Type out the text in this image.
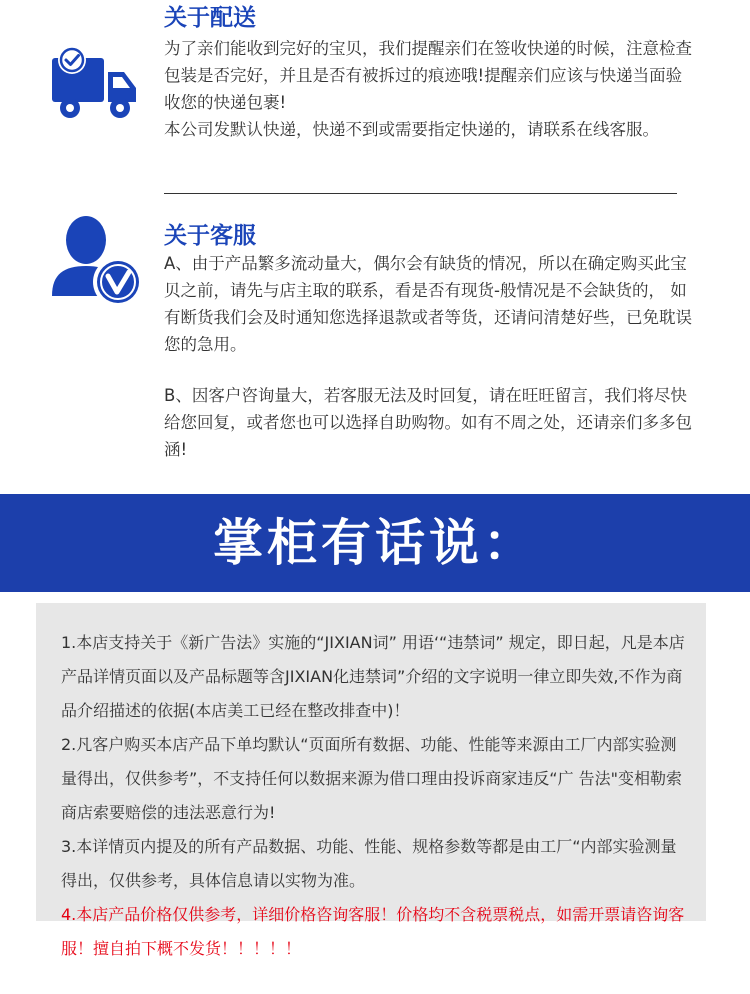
关于配送

为了亲们能收到完好的宝贝，我们提醒亲们在签收快递的时候，注意检查包装是否完好，并且是否有被拆过的痕迹哦!提醒亲们应该与快递当面验收您的快递包裹!

本公司发默认快递，快递不到或需要指定快递的，请联系在线客服。

关于客服

A、由于产品繁多流动量大，偶尔会有缺货的情况，所以在确定购买此宝贝之前，请先与店主取的联系，看是否有现货-般情况是不会缺货的， 如有断货我们会及时通知您选择退款或者等货，还请问清楚好些，已免耽误您的急用。

B、因客户咨询量大，若客服无法及时回复，请在旺旺留言，我们将尽快给您回复，或者您也可以选择自助购物。如有不周之处，还请亲们多多包涵!

掌柜有话说：

1.本店支持关于《新广告法》实施的“JIXIAN词” 用语‘“违禁词” 规定，即日起，凡是本店产品详情页面以及产品标题等含JIXIAN化违禁词”介绍的文字说明一律立即失效,不作为商品介绍描述的依据(本店美工已经在整改排查中)！

2.凡客户购买本店产品下单均默认“页面所有数据、功能、性能等来源由工厂内部实验测量得出，仅供参考”，不支持任何以数据来源为借口理由投诉商家违反“广 告法"变相勒索商店索要赔偿的违法恶意行为!

3.本详情页内提及的所有产品数据、功能、性能、规格参数等都是由工厂“内部实验测量得出，仅供参考，具体信息请以实物为准。

4.本店产品价格仅供参考，详细价格咨询客服！价格均不含税票税点，如需开票请咨询客服！擅自拍下概不发货！！！！！
